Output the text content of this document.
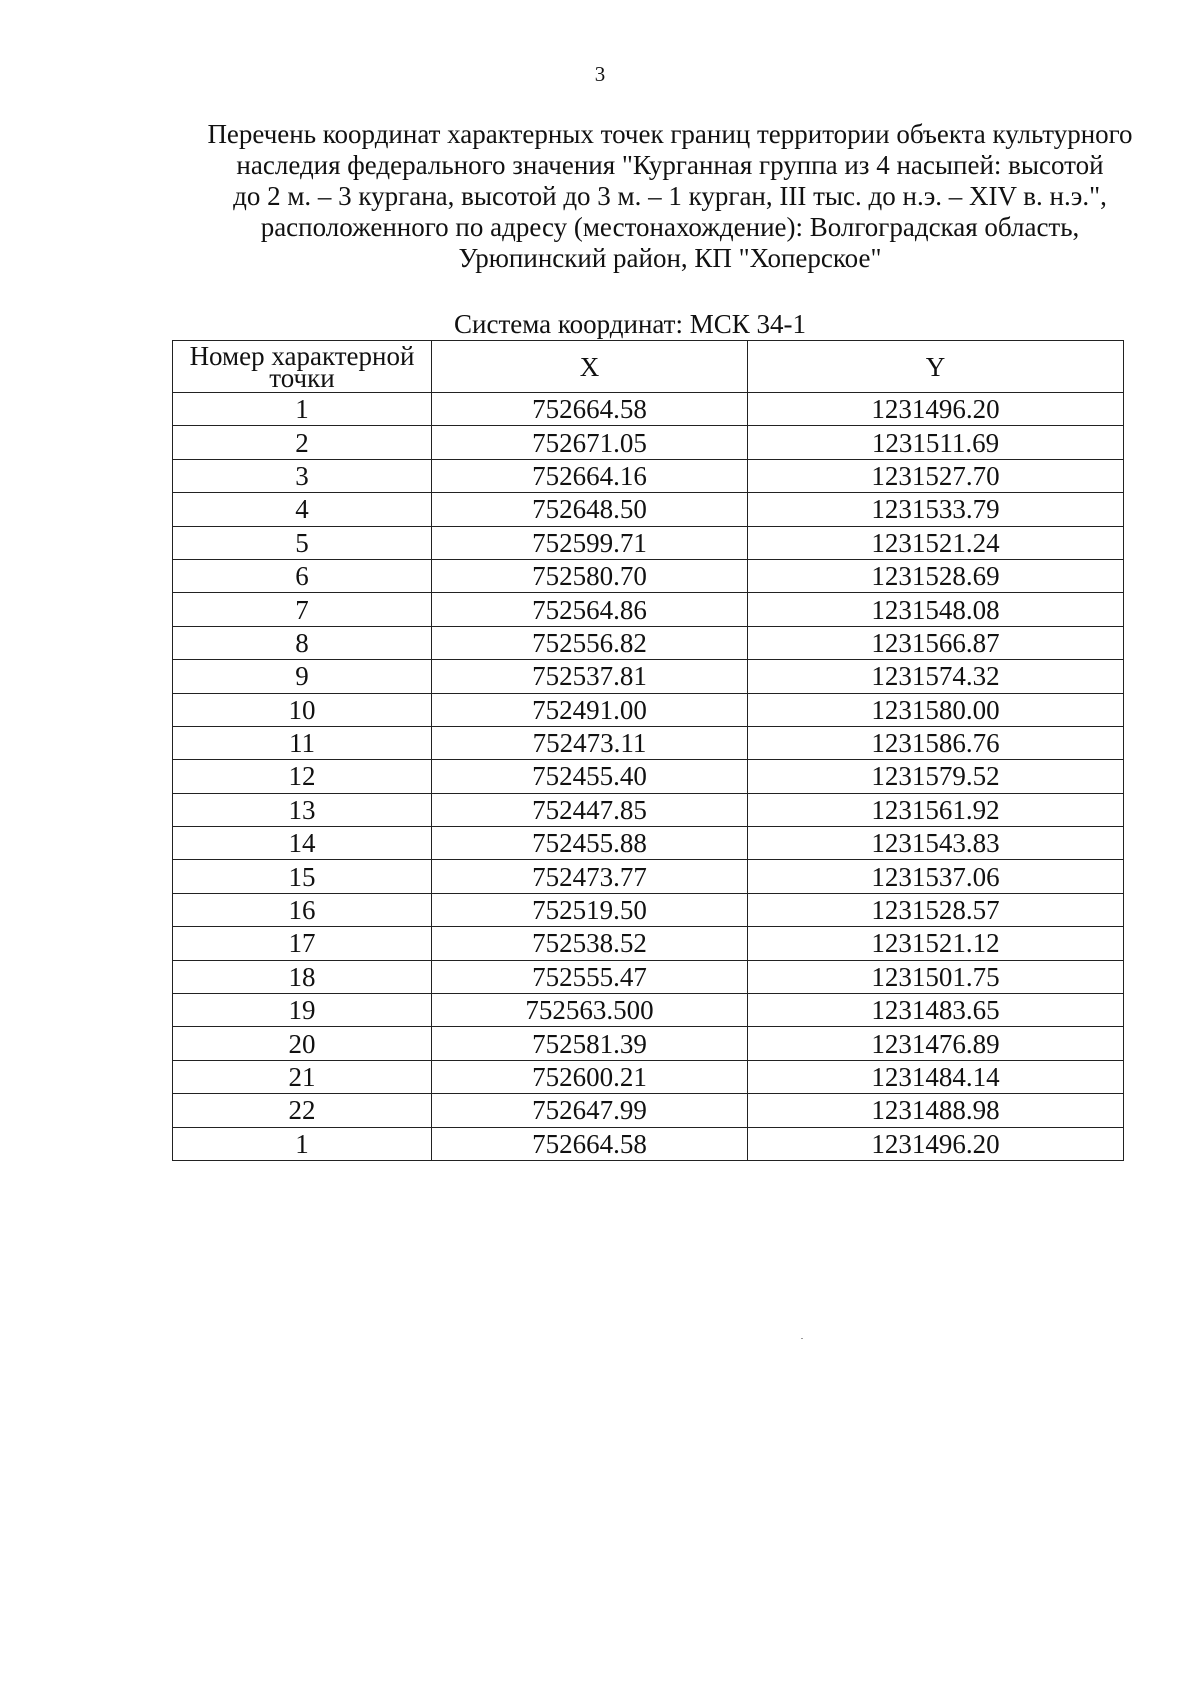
3
Перечень координат характерных точек границ территории объекта культурного
наследия федерального значения "Курганная группа из 4 насыпей: высотой
до 2 м. – 3 кургана, высотой до 3 м. – 1 курган, III тыс. до н.э. – XIV в. н.э.",
расположенного по адресу (местонахождение): Волгоградская область,
Урюпинский район, КП "Хоперское"
Система координат: МСК 34-1
Номер характерной точки	X	Y
1	752664.58	1231496.20
2	752671.05	1231511.69
3	752664.16	1231527.70
4	752648.50	1231533.79
5	752599.71	1231521.24
6	752580.70	1231528.69
7	752564.86	1231548.08
8	752556.82	1231566.87
9	752537.81	1231574.32
10	752491.00	1231580.00
11	752473.11	1231586.76
12	752455.40	1231579.52
13	752447.85	1231561.92
14	752455.88	1231543.83
15	752473.77	1231537.06
16	752519.50	1231528.57
17	752538.52	1231521.12
18	752555.47	1231501.75
19	752563.500	1231483.65
20	752581.39	1231476.89
21	752600.21	1231484.14
22	752647.99	1231488.98
1	752664.58	1231496.20
